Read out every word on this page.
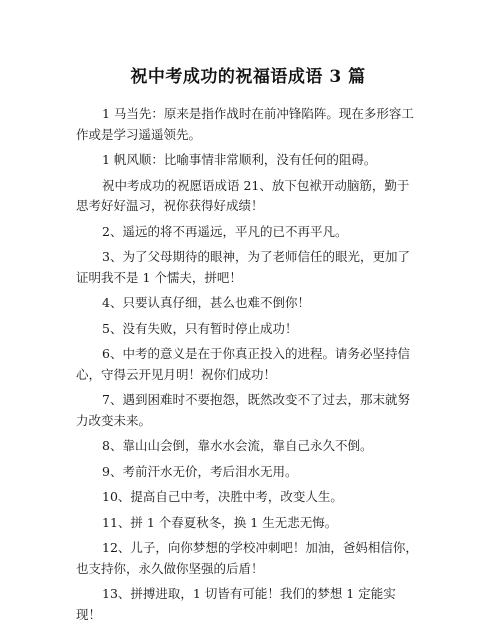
祝中考成功的祝福语成语 3 篇

1 马当先：原来是指作战时在前冲锋陷阵。现在多形容工作或是学习遥遥领先。

1 帆风顺：比喻事情非常顺利，没有任何的阻碍。

祝中考成功的祝愿语成语 21、放下包袱开动脑筋，勤于思考好好温习，祝你获得好成绩！

2、遥远的将不再遥远，平凡的已不再平凡。

3、为了父母期待的眼神，为了老师信任的眼光，更加了证明我不是 1 个懦夫，拼吧！

4、只要认真仔细，甚么也难不倒你！

5、没有失败，只有暂时停止成功！

6、中考的意义是在于你真正投入的进程。请务必坚持信心，守得云开见月明！祝你们成功！

7、遇到困难时不要抱怨，既然改变不了过去，那末就努力改变未来。

8、靠山山会倒，靠水水会流，靠自己永久不倒。

9、考前汗水无价，考后泪水无用。

10、提高自己中考，决胜中考，改变人生。

11、拼 1 个春夏秋冬，换 1 生无悲无悔。

12、儿子，向你梦想的学校冲刺吧！加油，爸妈相信你，也支持你，永久做你坚强的后盾！

13、拼搏进取，1 切皆有可能！我们的梦想 1 定能实现！
